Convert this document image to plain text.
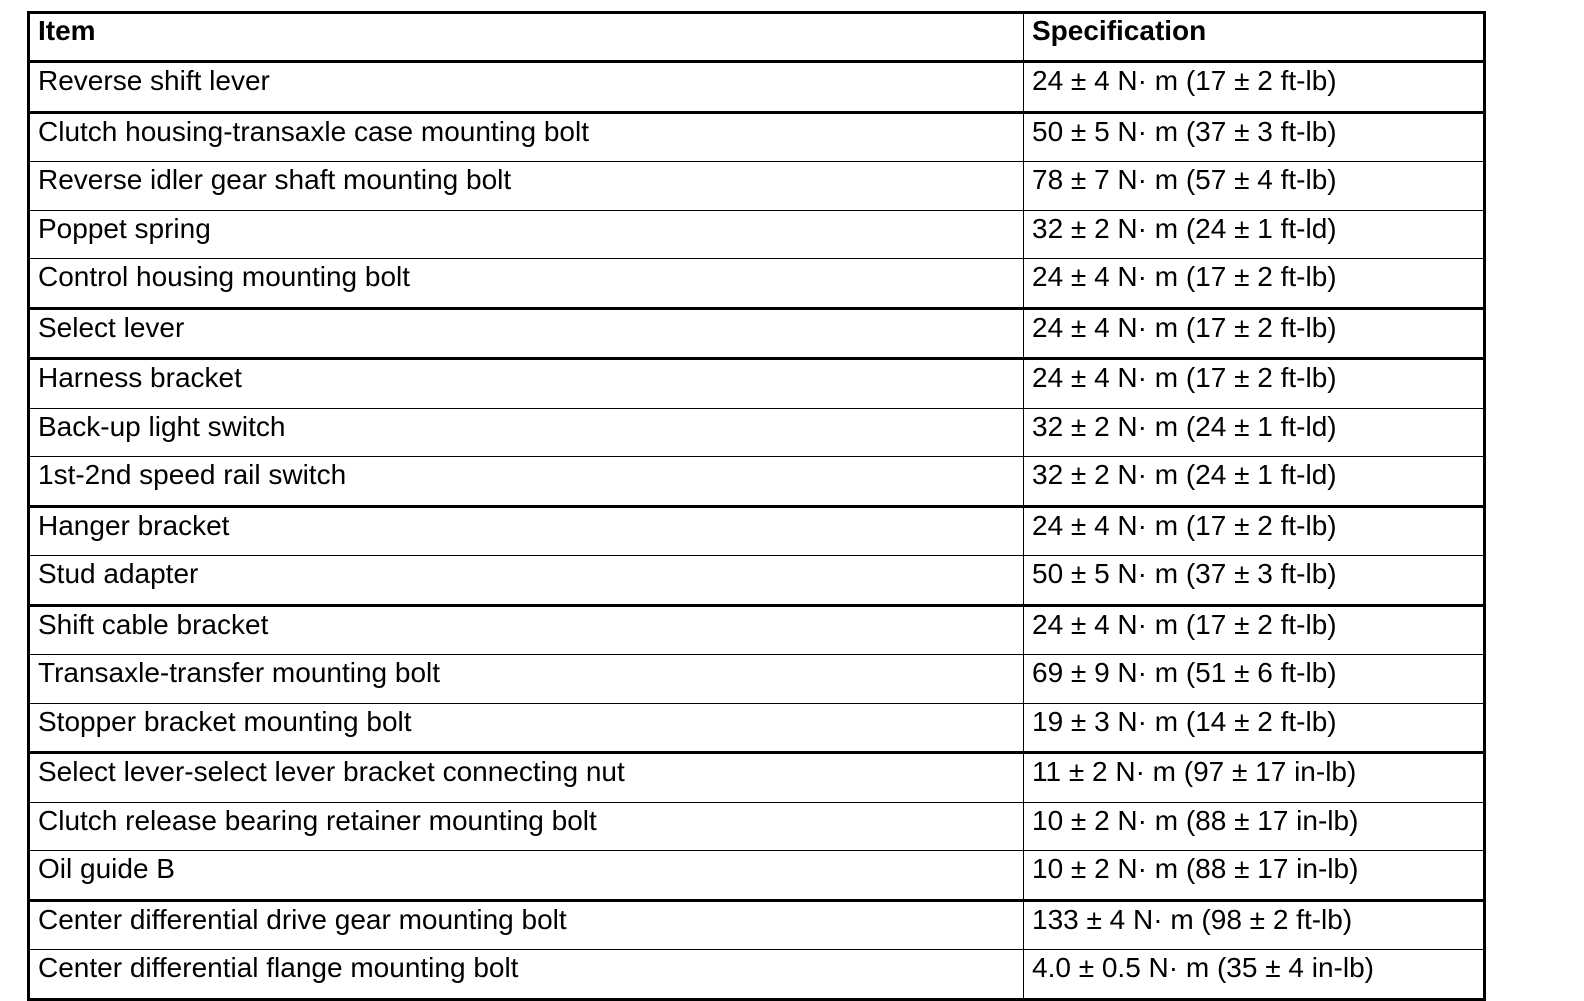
Item	Specification
Reverse shift lever	24 ± 4 N· m (17 ± 2 ft-lb)
Clutch housing-transaxle case mounting bolt	50 ± 5 N· m (37 ± 3 ft-lb)
Reverse idler gear shaft mounting bolt	78 ± 7 N· m (57 ± 4 ft-lb)
Poppet spring	32 ± 2 N· m (24 ± 1 ft-ld)
Control housing mounting bolt	24 ± 4 N· m (17 ± 2 ft-lb)
Select lever	24 ± 4 N· m (17 ± 2 ft-lb)
Harness bracket	24 ± 4 N· m (17 ± 2 ft-lb)
Back-up light switch	32 ± 2 N· m (24 ± 1 ft-ld)
1st-2nd speed rail switch	32 ± 2 N· m (24 ± 1 ft-ld)
Hanger bracket	24 ± 4 N· m (17 ± 2 ft-lb)
Stud adapter	50 ± 5 N· m (37 ± 3 ft-lb)
Shift cable bracket	24 ± 4 N· m (17 ± 2 ft-lb)
Transaxle-transfer mounting bolt	69 ± 9 N· m (51 ± 6 ft-lb)
Stopper bracket mounting bolt	19 ± 3 N· m (14 ± 2 ft-lb)
Select lever-select lever bracket connecting nut	11 ± 2 N· m (97 ± 17 in-lb)
Clutch release bearing retainer mounting bolt	10 ± 2 N· m (88 ± 17 in-lb)
Oil guide B	10 ± 2 N· m (88 ± 17 in-lb)
Center differential drive gear mounting bolt	133 ± 4 N· m (98 ± 2 ft-lb)
Center differential flange mounting bolt	4.0 ± 0.5 N· m (35 ± 4 in-lb)
